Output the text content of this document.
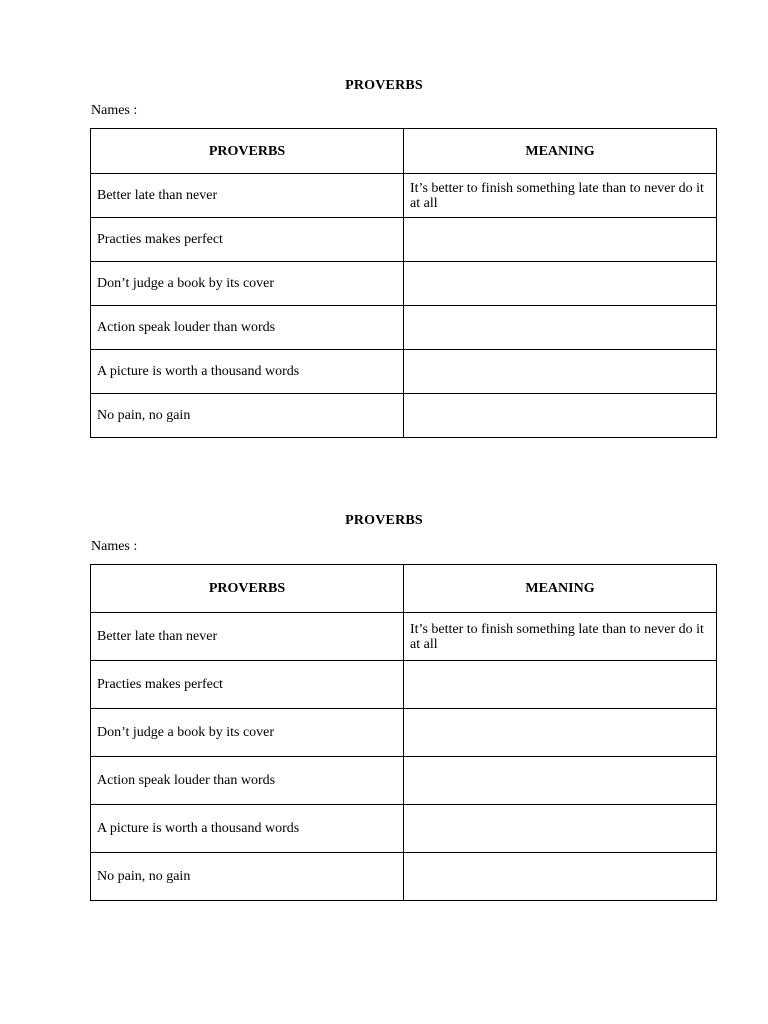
PROVERBS
Names :
PROVERBS	MEANING
Better late than never	It’s better to finish something late than to never do it at all
Practies makes perfect	
Don’t judge a book by its cover	
Action speak louder than words	
A picture is worth a thousand words	
No pain, no gain	
PROVERBS
Names :
PROVERBS	MEANING
Better late than never	It’s better to finish something late than to never do it at all
Practies makes perfect	
Don’t judge a book by its cover	
Action speak louder than words	
A picture is worth a thousand words	
No pain, no gain	
